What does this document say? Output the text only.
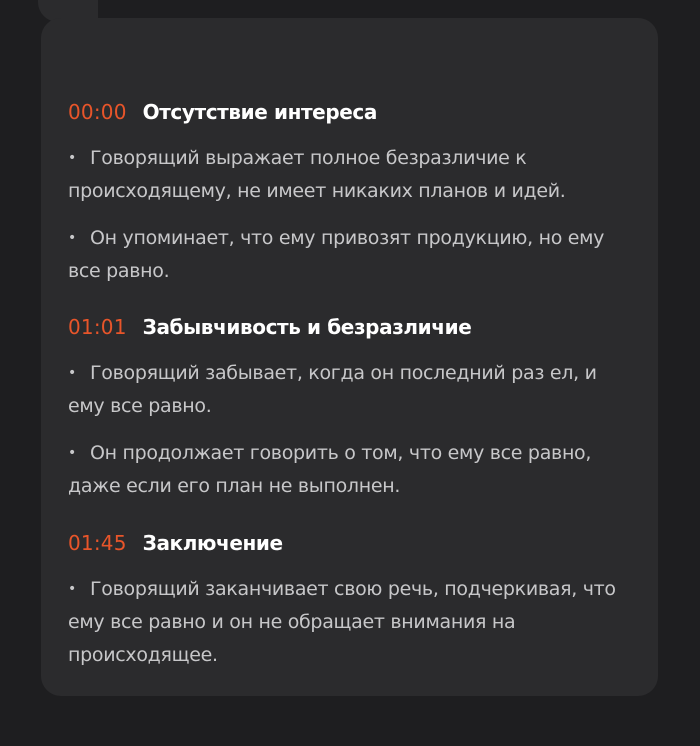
00:00 Отсутствие интереса

• Говорящий выражает полное безразличие к происходящему, не имеет никаких планов и идей.

• Он упоминает, что ему привозят продукцию, но ему все равно.

01:01 Забывчивость и безразличие

• Говорящий забывает, когда он последний раз ел, и ему все равно.

• Он продолжает говорить о том, что ему все равно, даже если его план не выполнен.

01:45 Заключение

• Говорящий заканчивает свою речь, подчеркивая, что ему все равно и он не обращает внимания на происходящее.
